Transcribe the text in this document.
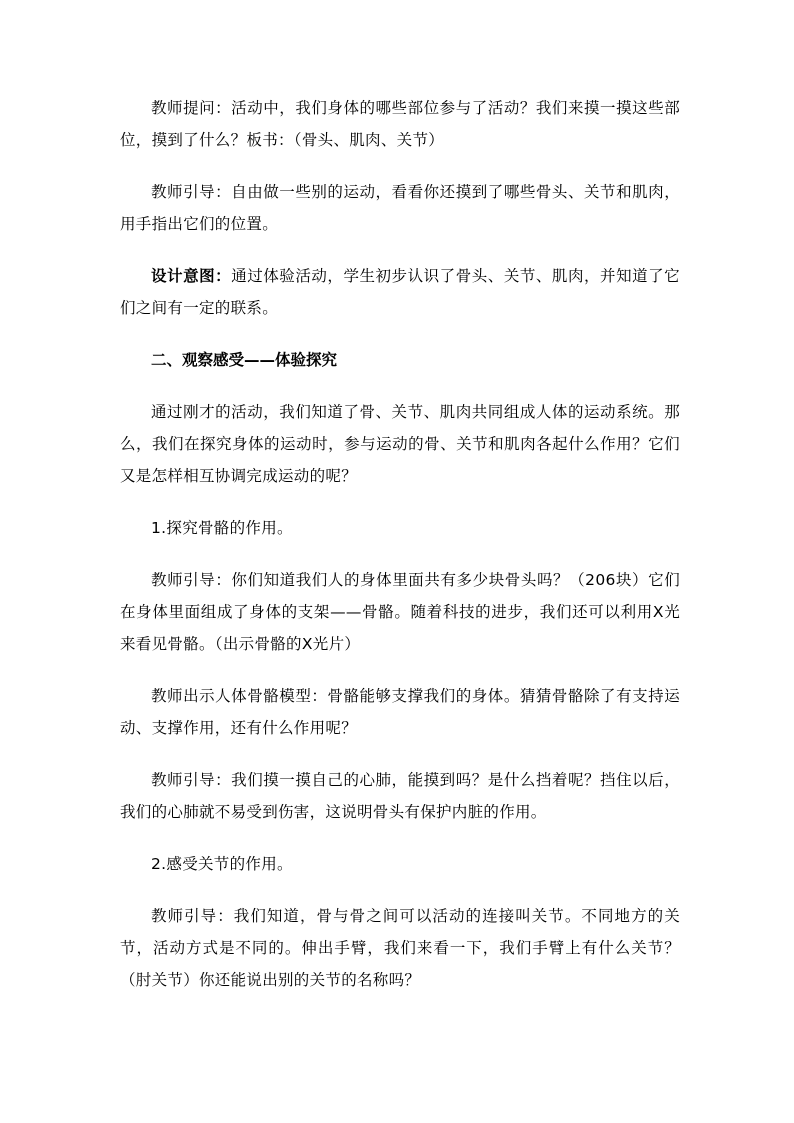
教师提问：活动中，我们身体的哪些部位参与了活动？我们来摸一摸这些部位，摸到了什么？板书：（骨头、肌肉、关节）

教师引导：自由做一些别的运动，看看你还摸到了哪些骨头、关节和肌肉，用手指出它们的位置。

设计意图：通过体验活动，学生初步认识了骨头、关节、肌肉，并知道了它们之间有一定的联系。

二、观察感受——体验探究

通过刚才的活动，我们知道了骨、关节、肌肉共同组成人体的运动系统。那么，我们在探究身体的运动时，参与运动的骨、关节和肌肉各起什么作用？它们又是怎样相互协调完成运动的呢？

1.探究骨骼的作用。

教师引导：你们知道我们人的身体里面共有多少块骨头吗？（206块）它们在身体里面组成了身体的支架——骨骼。随着科技的进步，我们还可以利用X光来看见骨骼。（出示骨骼的X光片）

教师出示人体骨骼模型：骨骼能够支撑我们的身体。猜猜骨骼除了有支持运动、支撑作用，还有什么作用呢？

教师引导：我们摸一摸自己的心肺，能摸到吗？是什么挡着呢？挡住以后，我们的心肺就不易受到伤害，这说明骨头有保护内脏的作用。

2.感受关节的作用。

教师引导：我们知道，骨与骨之间可以活动的连接叫关节。不同地方的关节，活动方式是不同的。伸出手臂，我们来看一下，我们手臂上有什么关节？（肘关节）你还能说出别的关节的名称吗？
